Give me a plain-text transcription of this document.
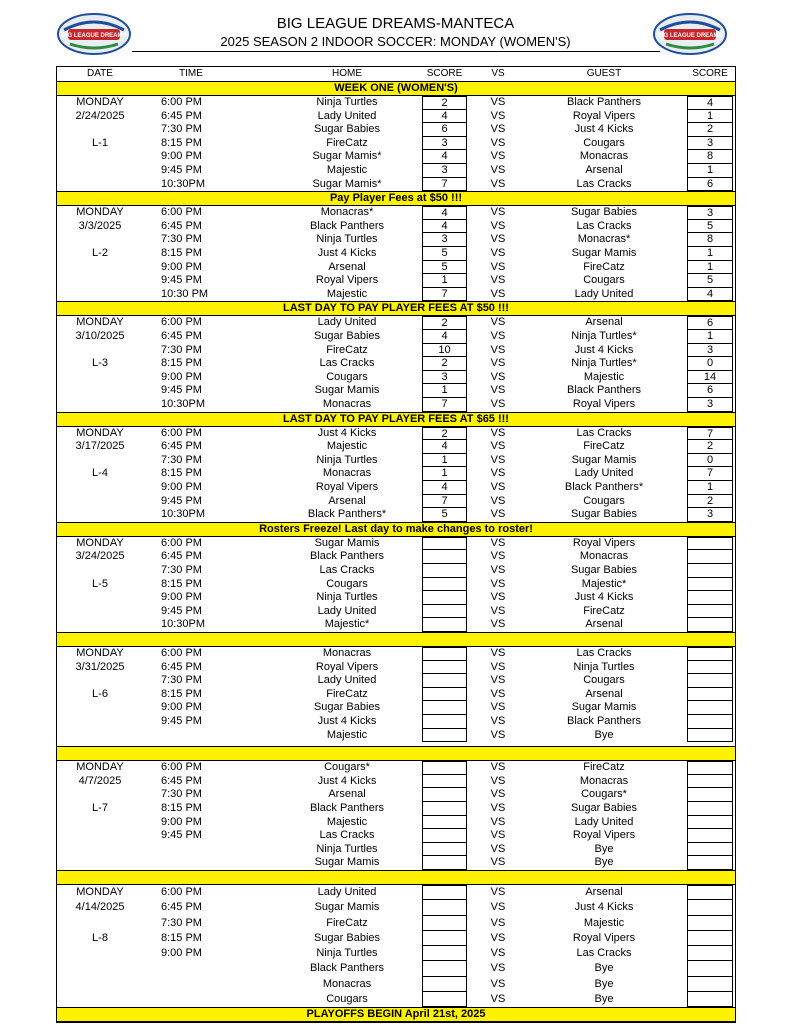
BIG LEAGUE DREAMS	BIG LEAGUE DREAMS
BIG LEAGUE DREAMS-MANTECA
2025 SEASON 2 INDOOR SOCCER: MONDAY (WOMEN'S)
DATE	TIME	HOME	SCORE	VS	GUEST	SCORE
WEEK ONE (WOMEN'S)
MONDAY
2/24/2025
L-1
6:00 PM	Ninja Turtles	2	VS	Black Panthers	4
6:45 PM	Lady United	4	VS	Royal Vipers	1
7:30 PM	Sugar Babies	6	VS	Just 4 Kicks	2
8:15 PM	FireCatz	3	VS	Cougars	3
9:00 PM	Sugar Mamis*	4	VS	Monacras	8
9:45 PM	Majestic	3	VS	Arsenal	1
10:30PM	Sugar Mamis*	7	VS	Las Cracks	6
Pay Player Fees at $50 !!!
MONDAY
3/3/2025
L-2
6:00 PM	Monacras*	4	VS	Sugar Babies	3
6:45 PM	Black Panthers	4	VS	Las Cracks	5
7:30 PM	Ninja Turtles	3	VS	Monacras*	8
8:15 PM	Just 4 Kicks	5	VS	Sugar Mamis	1
9:00 PM	Arsenal	5	VS	FireCatz	1
9:45 PM	Royal Vipers	1	VS	Cougars	5
10:30 PM	Majestic	7	VS	Lady United	4
LAST DAY TO PAY PLAYER FEES AT $50 !!!
MONDAY
3/10/2025
L-3
6:00 PM	Lady United	2	VS	Arsenal	6
6:45 PM	Sugar Babies	4	VS	Ninja Turtles*	1
7:30 PM	FireCatz	10	VS	Just 4 Kicks	3
8:15 PM	Las Cracks	2	VS	Ninja Turtles*	0
9:00 PM	Cougars	3	VS	Majestic	14
9:45 PM	Sugar Mamis	1	VS	Black Panthers	6
10:30PM	Monacras	7	VS	Royal Vipers	3
LAST DAY TO PAY PLAYER FEES AT $65 !!!
MONDAY
3/17/2025
L-4
6:00 PM	Just 4 Kicks	2	VS	Las Cracks	7
6:45 PM	Majestic	4	VS	FireCatz	2
7:30 PM	Ninja Turtles	1	VS	Sugar Mamis	0
8:15 PM	Monacras	1	VS	Lady United	7
9:00 PM	Royal Vipers	4	VS	Black Panthers*	1
9:45 PM	Arsenal	7	VS	Cougars	2
10:30PM	Black Panthers*	5	VS	Sugar Babies	3
Rosters Freeze! Last day to make changes to roster!
MONDAY
3/24/2025
L-5
6:00 PM	Sugar Mamis	VS	Royal Vipers
6:45 PM	Black Panthers	VS	Monacras
7:30 PM	Las Cracks	VS	Sugar Babies
8:15 PM	Cougars	VS	Majestic*
9:00 PM	Ninja Turtles	VS	Just 4 Kicks
9:45 PM	Lady United	VS	FireCatz
10:30PM	Majestic*	VS	Arsenal
MONDAY
3/31/2025
L-6
6:00 PM	Monacras	VS	Las Cracks
6:45 PM	Royal Vipers	VS	Ninja Turtles
7:30 PM	Lady United	VS	Cougars
8:15 PM	FireCatz	VS	Arsenal
9:00 PM	Sugar Babies	VS	Sugar Mamis
9:45 PM	Just 4 Kicks	VS	Black Panthers
Majestic	VS	Bye
MONDAY
4/7/2025
L-7
6:00 PM	Cougars*	VS	FireCatz
6:45 PM	Just 4 Kicks	VS	Monacras
7:30 PM	Arsenal	VS	Cougars*
8:15 PM	Black Panthers	VS	Sugar Babies
9:00 PM	Majestic	VS	Lady United
9:45 PM	Las Cracks	VS	Royal Vipers
Ninja Turtles	VS	Bye
Sugar Mamis	VS	Bye
MONDAY
4/14/2025
L-8
6:00 PM	Lady United	VS	Arsenal
6:45 PM	Sugar Mamis	VS	Just 4 Kicks
7:30 PM	FireCatz	VS	Majestic
8:15 PM	Sugar Babies	VS	Royal Vipers
9:00 PM	Ninja Turtles	VS	Las Cracks
Black Panthers	VS	Bye
Monacras	VS	Bye
Cougars	VS	Bye
PLAYOFFS BEGIN April 21st, 2025
